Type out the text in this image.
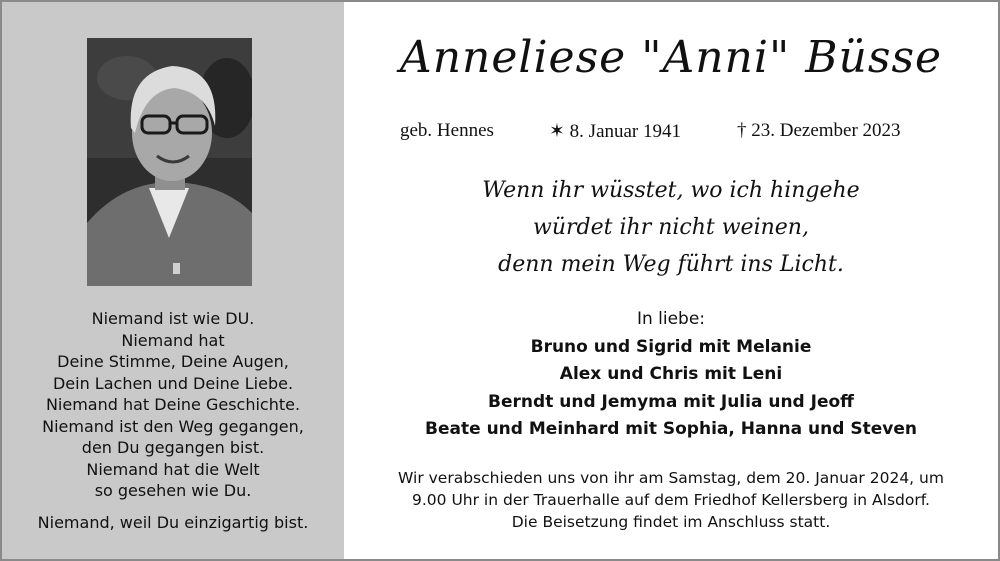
Niemand ist wie DU.
Niemand hat
Deine Stimme, Deine Augen,
Dein Lachen und Deine Liebe.
Niemand hat Deine Geschichte.
Niemand ist den Weg gegangen,
den Du gegangen bist.
Niemand hat die Welt
so gesehen wie Du.
Niemand, weil Du einzigartig bist.
Anneliese "Anni" Büsse
geb. Hennes	✶ 8. Januar 1941	† 23. Dezember 2023
Wenn ihr wüsstet, wo ich hingehe
würdet ihr nicht weinen,
denn mein Weg führt ins Licht.
In liebe:
Bruno und Sigrid mit Melanie
Alex und Chris mit Leni
Berndt und Jemyma mit Julia und Jeoff
Beate und Meinhard mit Sophia, Hanna und Steven
Wir verabschieden uns von ihr am Samstag, dem 20. Januar 2024, um
9.00 Uhr in der Trauerhalle auf dem Friedhof Kellersberg in Alsdorf.
Die Beisetzung findet im Anschluss statt.
